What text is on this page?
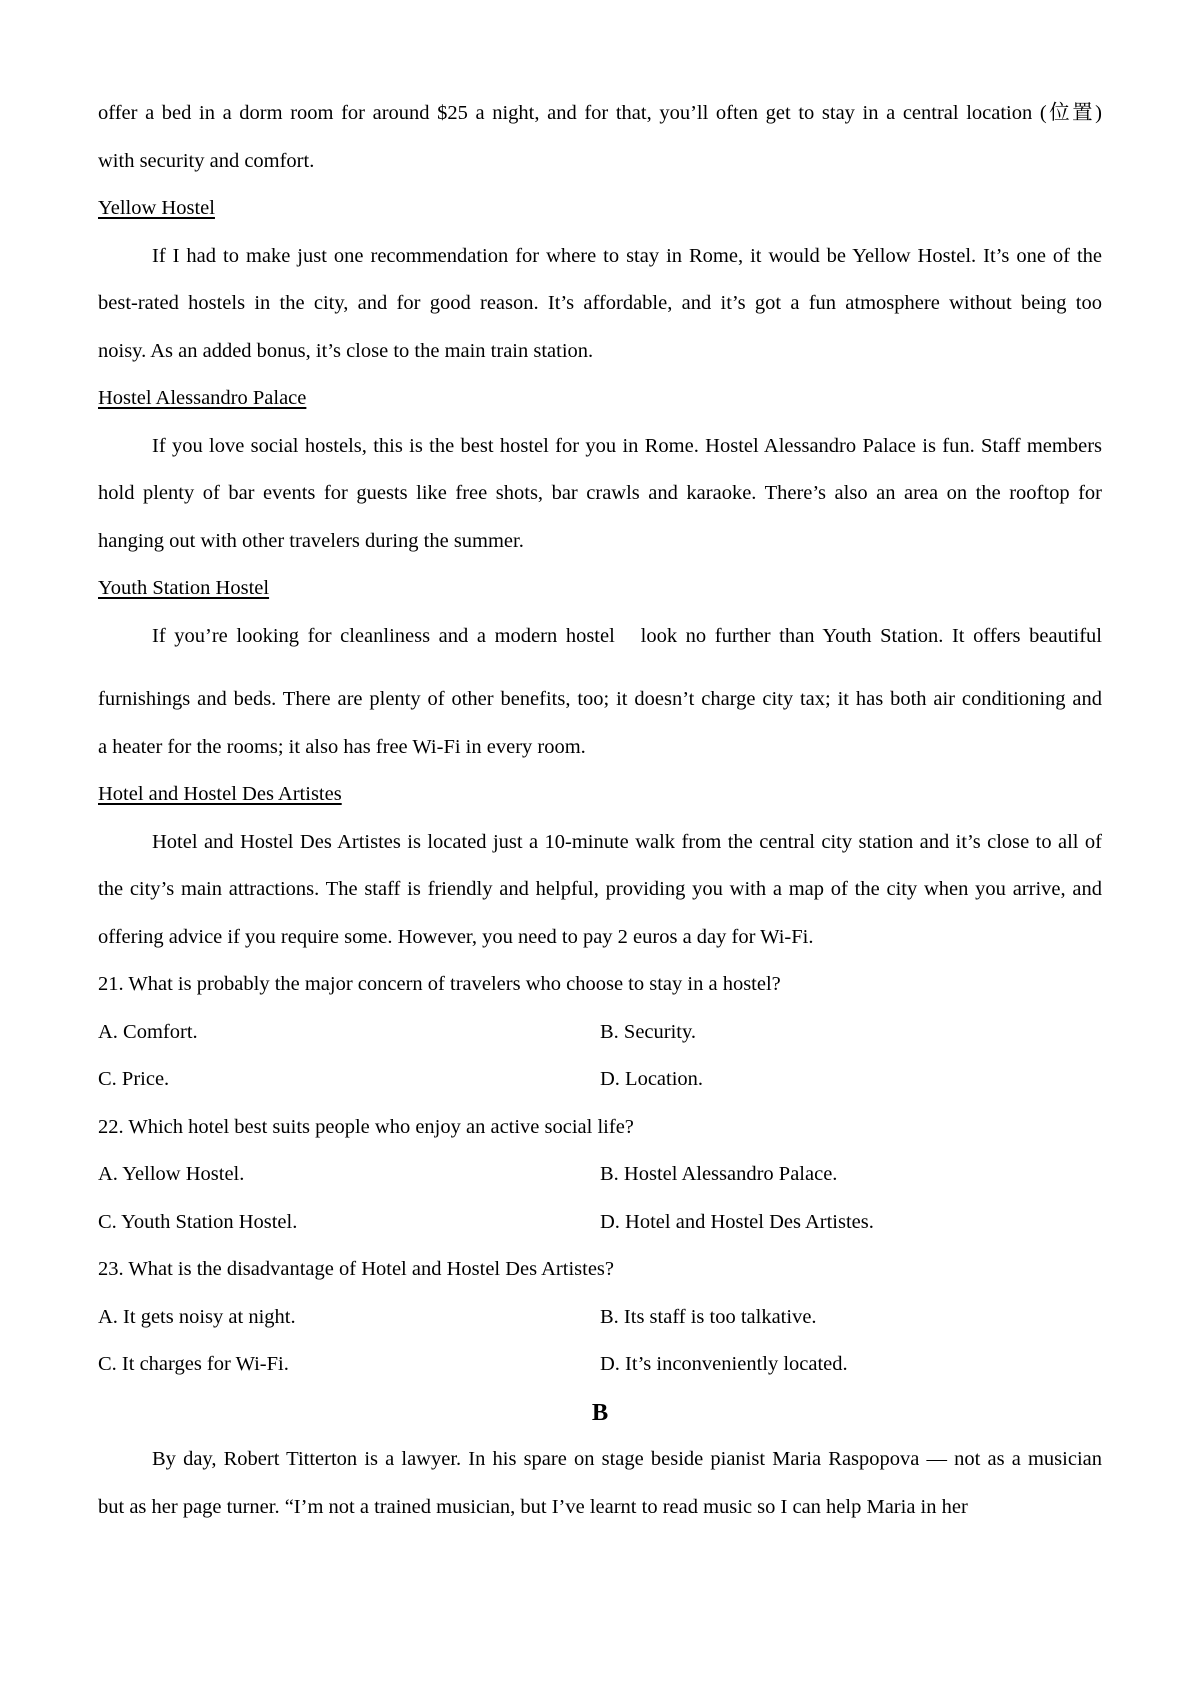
offer a bed in a dorm room for around $25 a night, and for that, you’ll often get to stay in a central location (位置)
with security and comfort.
Yellow Hostel
If I had to make just one recommendation for where to stay in Rome, it would be Yellow Hostel. It’s one of the
best-rated hostels in the city, and for good reason. It’s affordable, and it’s got a fun atmosphere without being too
noisy. As an added bonus, it’s close to the main train station.
Hostel Alessandro Palace
If you love social hostels, this is the best hostel for you in Rome. Hostel Alessandro Palace is fun. Staff members
hold plenty of bar events for guests like free shots, bar crawls and karaoke. There’s also an area on the rooftop for
hanging out with other travelers during the summer.
Youth Station Hostel
If you’re looking for cleanliness and a modern hostel   look no further than Youth Station. It offers beautiful
furnishings and beds. There are plenty of other benefits, too; it doesn’t charge city tax; it has both air conditioning and
a heater for the rooms; it also has free Wi-Fi in every room.
Hotel and Hostel Des Artistes
Hotel and Hostel Des Artistes is located just a 10-minute walk from the central city station and it’s close to all of
the city’s main attractions. The staff is friendly and helpful, providing you with a map of the city when you arrive, and
offering advice if you require some. However, you need to pay 2 euros a day for Wi-Fi.
21. What is probably the major concern of travelers who choose to stay in a hostel?
A. Comfort.	B. Security.
C. Price.	D. Location.
22. Which hotel best suits people who enjoy an active social life?
A. Yellow Hostel.	B. Hostel Alessandro Palace.
C. Youth Station Hostel.	D. Hotel and Hostel Des Artistes.
23. What is the disadvantage of Hotel and Hostel Des Artistes?
A. It gets noisy at night.	B. Its staff is too talkative.
C. It charges for Wi-Fi.	D. It’s inconveniently located.
B
By day, Robert Titterton is a lawyer. In his spare on stage beside pianist Maria Raspopova — not as a musician
but as her page turner. “I’m not a trained musician, but I’ve learnt to read music so I can help Maria in her
